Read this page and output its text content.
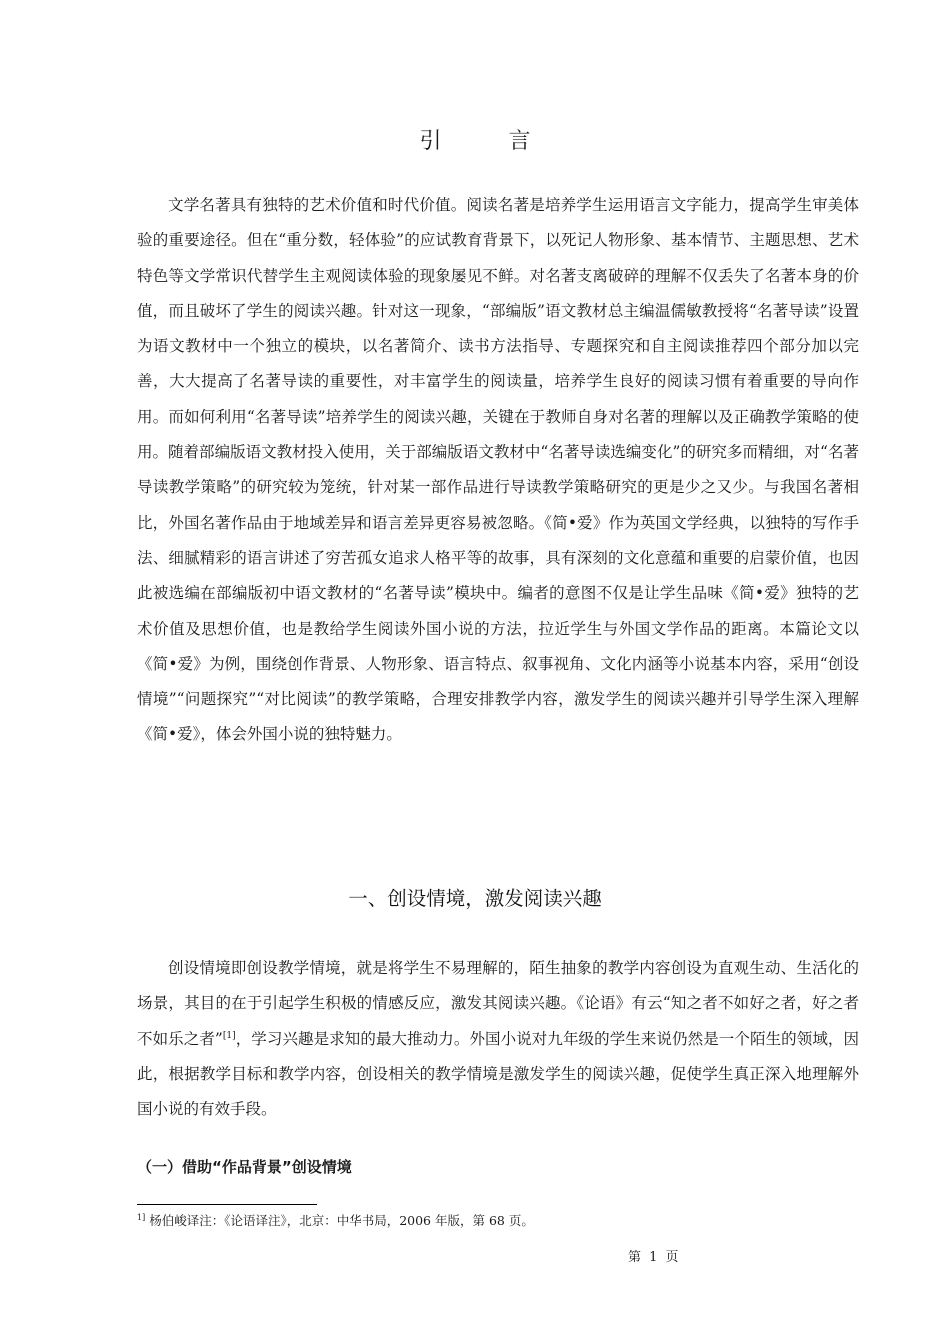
引 言

文学名著具有独特的艺术价值和时代价值。阅读名著是培养学生运用语言文字能力，提高学生审美体验的重要途径。但在“重分数，轻体验”的应试教育背景下，以死记人物形象、基本情节、主题思想、艺术特色等文学常识代替学生主观阅读体验的现象屡见不鲜。对名著支离破碎的理解不仅丢失了名著本身的价值，而且破坏了学生的阅读兴趣。针对这一现象，“部编版”语文教材总主编温儒敏教授将“名著导读”设置为语文教材中一个独立的模块，以名著简介、读书方法指导、专题探究和自主阅读推荐四个部分加以完善，大大提高了名著导读的重要性，对丰富学生的阅读量，培养学生良好的阅读习惯有着重要的导向作用。而如何利用“名著导读”培养学生的阅读兴趣，关键在于教师自身对名著的理解以及正确教学策略的使用。随着部编版语文教材投入使用，关于部编版语文教材中“名著导读选编变化”的研究多而精细，对“名著导读教学策略”的研究较为笼统，针对某一部作品进行导读教学策略研究的更是少之又少。与我国名著相比，外国名著作品由于地域差异和语言差异更容易被忽略。《简•爱》作为英国文学经典，以独特的写作手法、细腻精彩的语言讲述了穷苦孤女追求人格平等的故事，具有深刻的文化意蕴和重要的启蒙价值，也因此被选编在部编版初中语文教材的“名著导读”模块中。编者的意图不仅是让学生品味《简•爱》独特的艺术价值及思想价值，也是教给学生阅读外国小说的方法，拉近学生与外国文学作品的距离。本篇论文以《简•爱》为例，围绕创作背景、人物形象、语言特点、叙事视角、文化内涵等小说基本内容，采用“创设情境”“问题探究”“对比阅读”的教学策略，合理安排教学内容，激发学生的阅读兴趣并引导学生深入理解《简•爱》，体会外国小说的独特魅力。

一、创设情境，激发阅读兴趣

创设情境即创设教学情境，就是将学生不易理解的，陌生抽象的教学内容创设为直观生动、生活化的场景，其目的在于引起学生积极的情感反应，激发其阅读兴趣。《论语》有云“知之者不如好之者，好之者不如乐之者”[1]，学习兴趣是求知的最大推动力。外国小说对九年级的学生来说仍然是一个陌生的领域，因此，根据教学目标和教学内容，创设相关的教学情境是激发学生的阅读兴趣，促使学生真正深入地理解外国小说的有效手段。

（一）借助“作品背景”创设情境
$^{1]}$ 杨伯峻译注：《论语译注》，北京：中华书局，2006 年版，第 68 页。
第 1 页
